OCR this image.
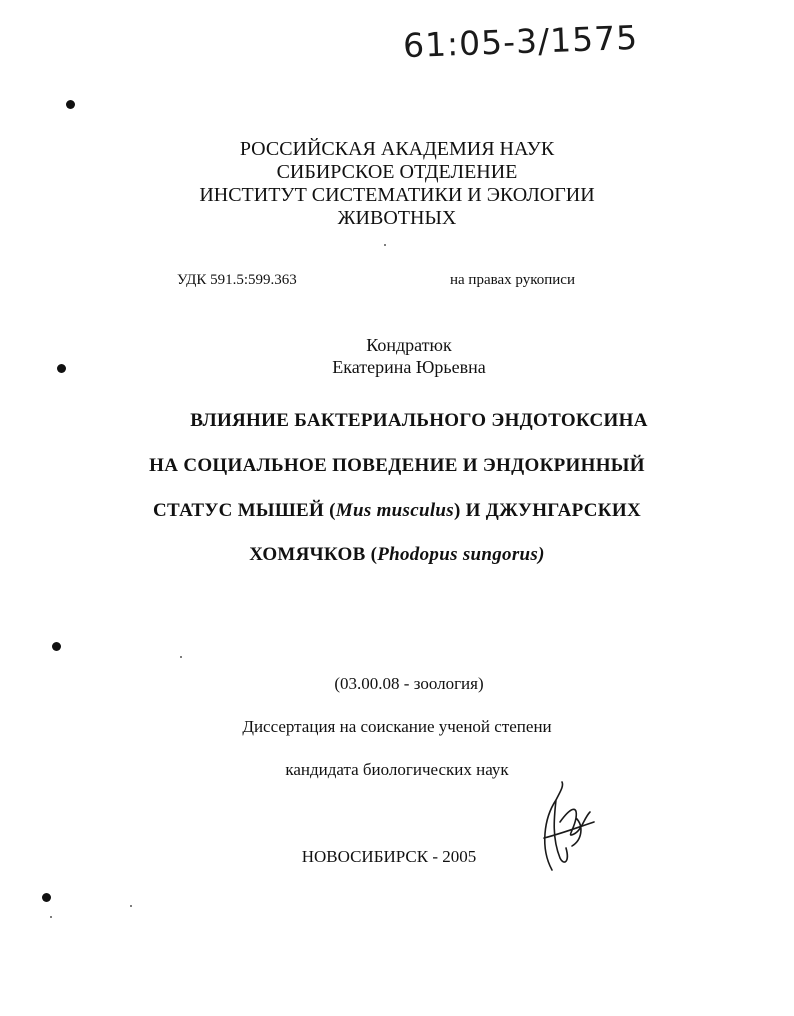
61:05-3/1575
РОССИЙСКАЯ АКАДЕМИЯ НАУК
СИБИРСКОЕ ОТДЕЛЕНИЕ
ИНСТИТУТ СИСТЕМАТИКИ И ЭКОЛОГИИ
ЖИВОТНЫХ
УДК 591.5:599.363	на правах рукописи
Кондратюк
Екатерина Юрьевна
ВЛИЯНИЕ БАКТЕРИАЛЬНОГО ЭНДОТОКСИНА
НА СОЦИАЛЬНОЕ ПОВЕДЕНИЕ И ЭНДОКРИННЫЙ
СТАТУС МЫШЕЙ (Mus musculus) И ДЖУНГАРСКИХ
ХОМЯЧКОВ (Phodopus sungorus)
(03.00.08 - зоология)
Диссертация на соискание ученой степени
кандидата биологических наук
НОВОСИБИРСК - 2005
